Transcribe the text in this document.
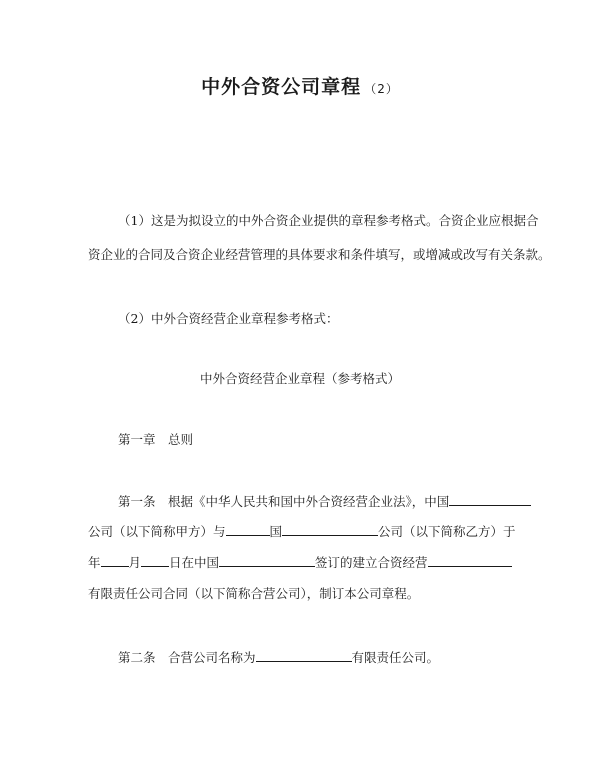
中外合资公司章程 （2）
（1）这是为拟设立的中外合资企业提供的章程参考格式。合资企业应根据合
资企业的合同及合资企业经营管理的具体要求和条件填写，或增减或改写有关条款。
（2）中外合资经营企业章程参考格式：
中外合资经营企业章程（参考格式）
第一章　总则
第一条　根据《中华人民共和国中外合资经营企业法》，中国
公司（以下简称甲方）与	国	公司（以下简称乙方）于
年 月 日在中国	签订的建立合资经营
有限责任公司合同（以下简称合营公司），制订本公司章程。
第二条　合营公司名称为	有限责任公司。
